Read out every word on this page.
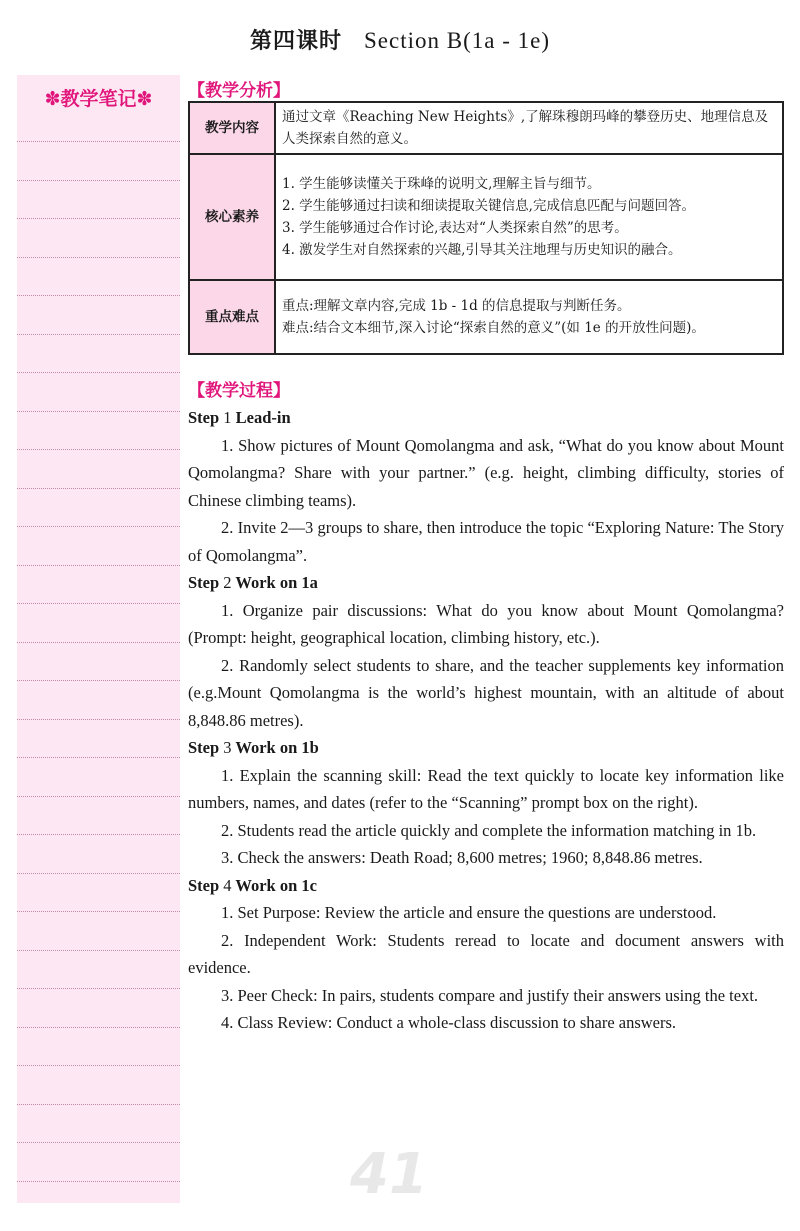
第四课时 Section B(1a - 1e)
✽教学笔记✽	【教学分析】
教学内容	通过文章《Reaching New Heights》,了解珠穆朗玛峰的攀登历史、地理信息及人类探索自然的意义。

核心素养	1. 学生能够读懂关于珠峰的说明文,理解主旨与细节。
2. 学生能够通过扫读和细读提取关键信息,完成信息匹配与问题回答。
3. 学生能够通过合作讨论,表达对“人类探索自然”的思考。
4. 激发学生对自然探索的兴趣,引导其关注地理与历史知识的融合。

重点难点	重点:理解文章内容,完成 1b - 1d 的信息提取与判断任务。
难点:结合文本细节,深入讨论“探索自然的意义”(如 1e 的开放性问题)。
【教学过程】
41
Step 1 Lead-in

1. Show pictures of Mount Qomolangma and ask, “What do you know about Mount Qomolangma? Share with your partner.” (e.g. height, climbing difficulty, stories of Chinese climbing teams).

2. Invite 2—3 groups to share, then introduce the topic “Exploring Nature: The Story of Qomolangma”.

Step 2 Work on 1a

1. Organize pair discussions: What do you know about Mount Qomolangma? (Prompt: height, geographical location, climbing history, etc.).

2. Randomly select students to share, and the teacher supplements key information (e.g.Mount Qomolangma is the world’s highest mountain, with an altitude of about 8,848.86 metres).

Step 3 Work on 1b

1. Explain the scanning skill: Read the text quickly to locate key information like numbers, names, and dates (refer to the “Scanning” prompt box on the right).

2. Students read the article quickly and complete the information matching in 1b.

3. Check the answers: Death Road; 8,600 metres; 1960; 8,848.86 metres.

Step 4 Work on 1c

1. Set Purpose: Review the article and ensure the questions are understood.

2. Independent Work: Students reread to locate and document answers with evidence.

3. Peer Check: In pairs, students compare and justify their answers using the text.

4. Class Review: Conduct a whole-class discussion to share answers.
